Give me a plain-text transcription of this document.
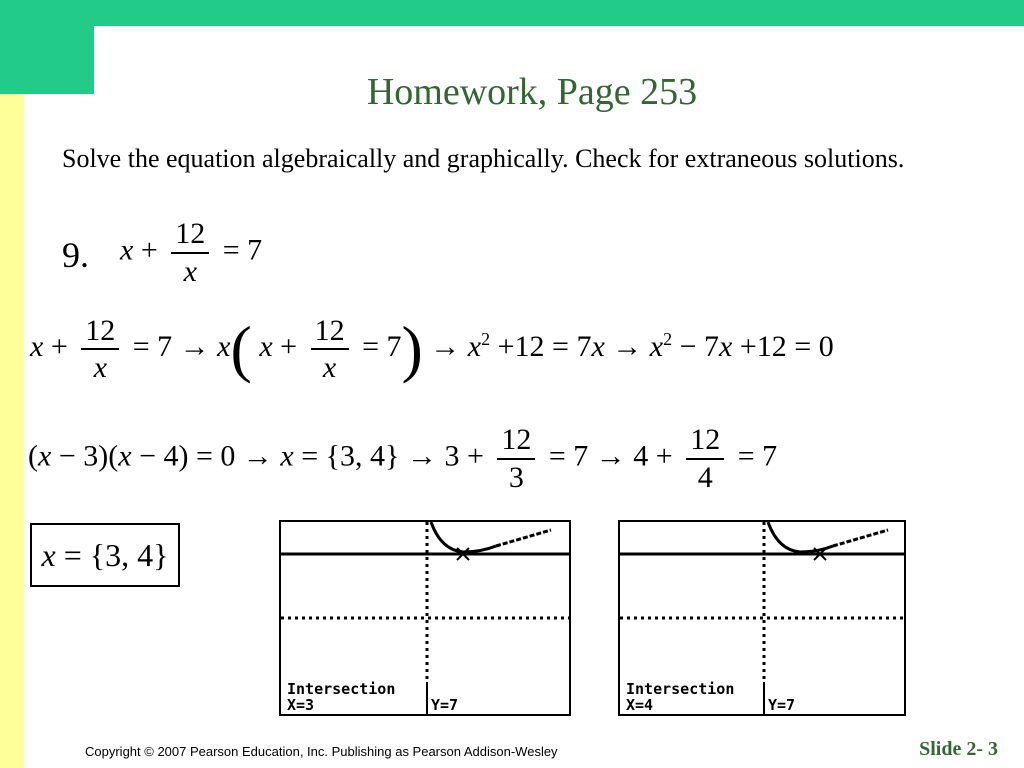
Homework, Page 253
Solve the equation algebraically and graphically. Check for extraneous solutions.
9. $x + \frac{12}{x} = 7$
$x + \frac{12}{x} = 7 \to x$( $x + \frac{12}{x} = 7) \to x^2 +12 = 7x \to x^2 - 7x +12 = 0$
(x − 3)(x − 4) = 0 → x = {3, $4\} \to 3 + \frac{12}{3} = 7 \to 4 + \frac{12}{4} = 7$
x
= {3, 4}
Intersection
X=3	Y=7
Intersection
X=4	Y=7
Copyright © 2007 Pearson Education, Inc. Publishing as Pearson Addison-Wesley	Slide 2- 3
